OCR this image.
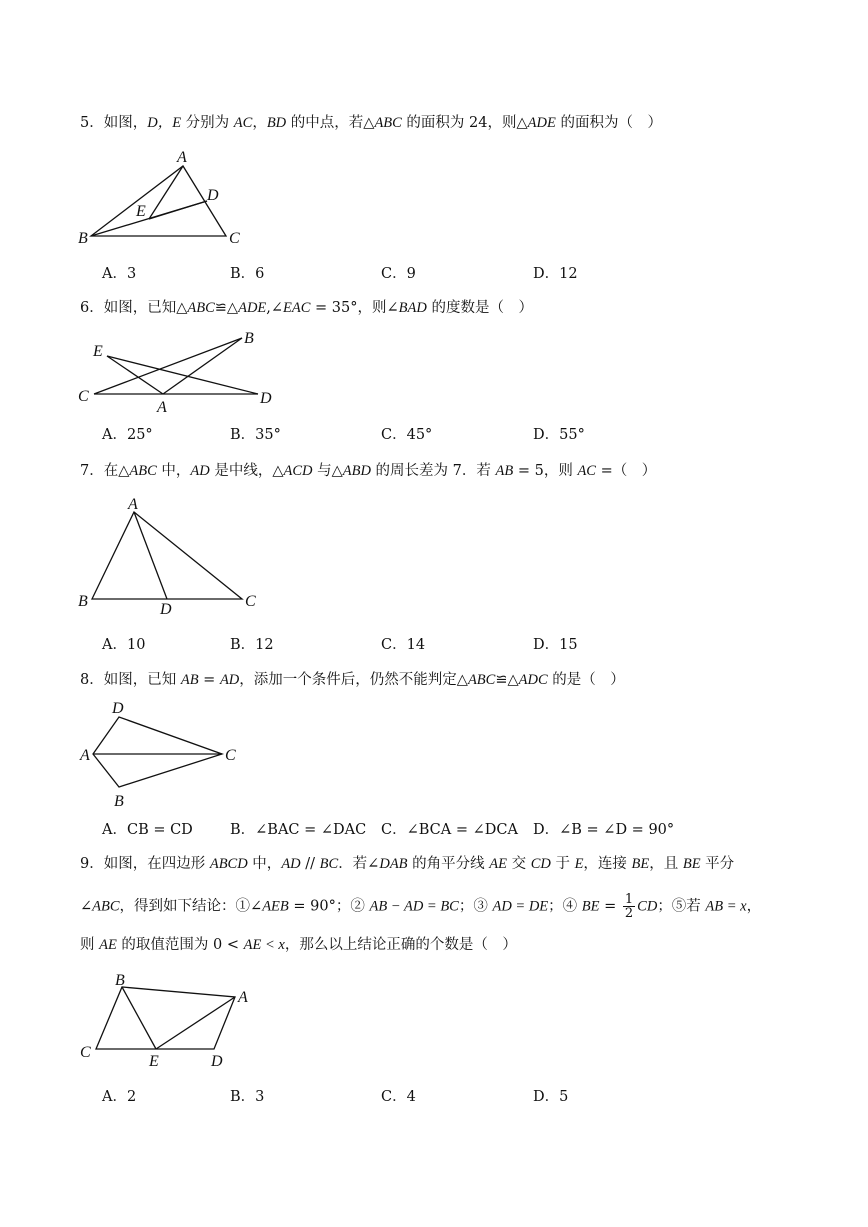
5．如图，D，E 分别为 AC，BD 的中点，若△ABC 的面积为 24，则△ADE 的面积为（　）
A
B	C
D
E
A．3	B．6	C．9	D．12
6．如图，已知△ABC≌△ADE,∠EAC = 35°，则∠BAD 的度数是（　）
A
B
C	D
E
A．25°	B．35°	C．45°	D．55°
7．在△ABC 中，AD 是中线，△ACD 与△ABD 的周长差为 7．若 AB = 5，则 AC =（　）
A
B	C
D
A．10	B．12	C．14	D．15
8．如图，已知 AB = AD，添加一个条件后，仍然不能判定△ABC≌△ADC 的是（　）
A
B
C
D
A．CB = CD	B．∠BAC = ∠DAC C．∠BCA = ∠DCA D．∠B = ∠D = 90°
9．如图，在四边形 ABCD 中，AD // BC．若∠DAB 的角平分线 AE 交 CD 于 E，连接 BE，且 BE 平分
∠ABC，得到如下结论：①∠AEB = 90°；② AB − AD = BC；③ AD = DE；④ BE = $\frac{1}{2}$ CD；⑤若 AB = x，
则 AE 的取值范围为 0 < AE < x，那么以上结论正确的个数是（　）
A
B
C
D
E
A．2	B．3	C．4	D．5
